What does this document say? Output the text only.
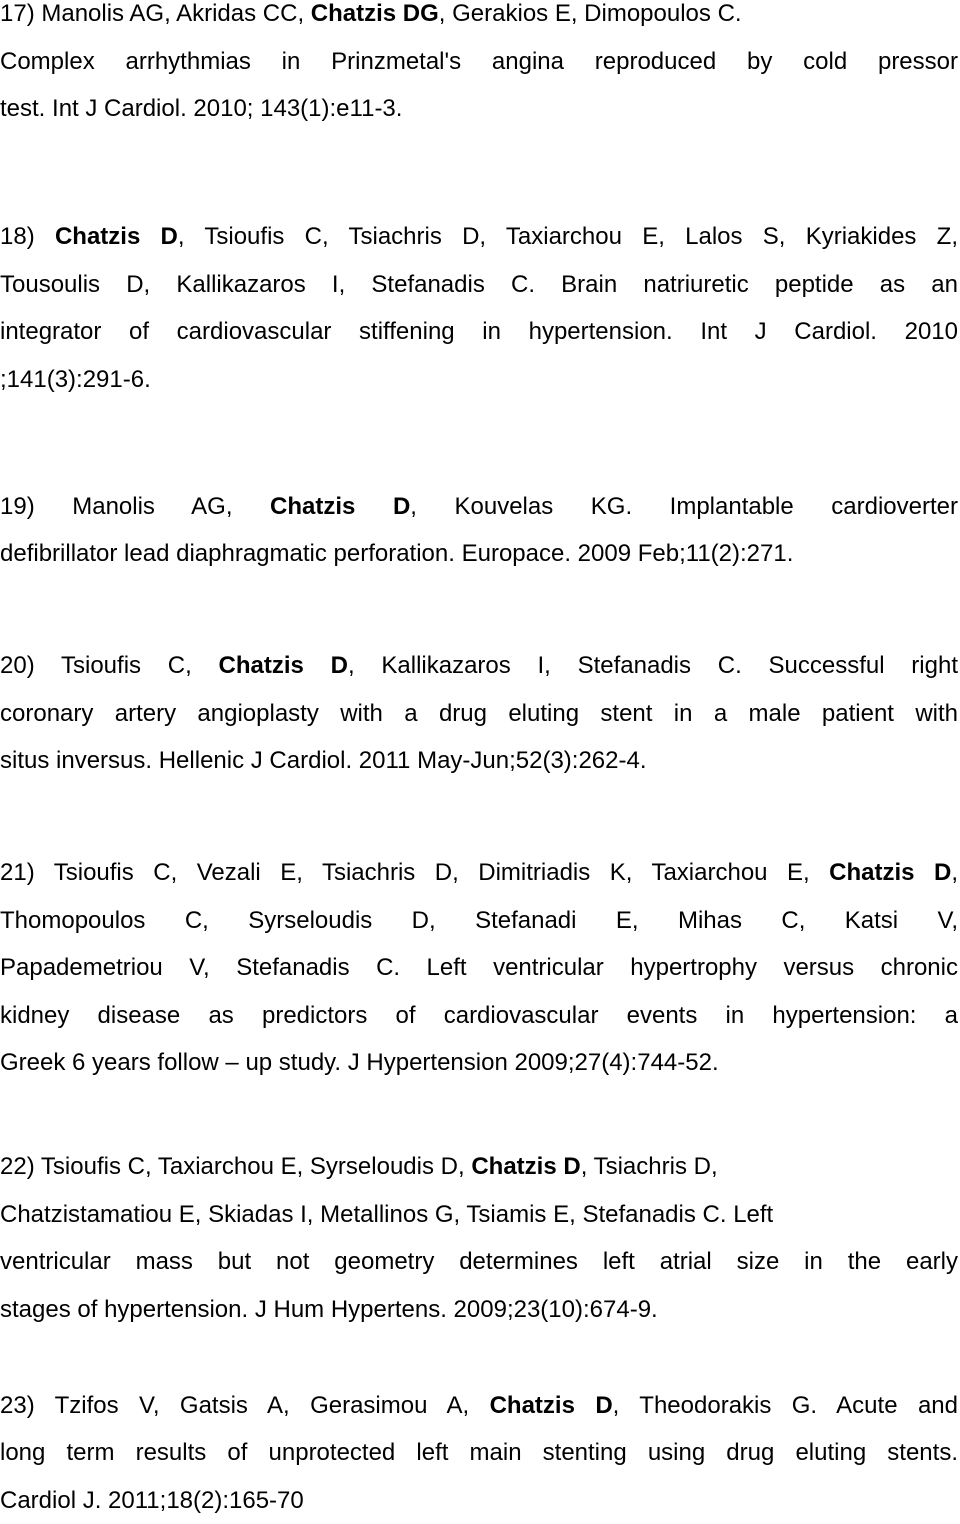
17) Manolis AG, Akridas CC, Chatzis DG, Gerakios E, Dimopoulos C.
Complex arrhythmias in Prinzmetal's angina reproduced by cold pressor
test. Int J Cardiol. 2010; 143(1):e11-3.
18) Chatzis D, Tsioufis C, Tsiachris D, Taxiarchou E, Lalos S, Kyriakides Z,
Tousoulis D, Kallikazaros I, Stefanadis C. Brain natriuretic peptide as an
integrator of cardiovascular stiffening in hypertension. Int J Cardiol. 2010
;141(3):291-6.
19) Manolis AG, Chatzis D, Kouvelas KG. Implantable cardioverter
defibrillator lead diaphragmatic perforation. Europace. 2009 Feb;11(2):271.
20) Tsioufis C, Chatzis D, Kallikazaros I, Stefanadis C. Successful right
coronary artery angioplasty with a drug eluting stent in a male patient with
situs inversus. Hellenic J Cardiol. 2011 May-Jun;52(3):262-4.
21) Tsioufis C, Vezali E, Tsiachris D, Dimitriadis K, Taxiarchou E, Chatzis D,
Thomopoulos C, Syrseloudis D, Stefanadi E, Mihas C, Katsi V,
Papademetriou V, Stefanadis C. Left ventricular hypertrophy versus chronic
kidney disease as predictors of cardiovascular events in hypertension: a
Greek 6 years follow – up study. J Hypertension 2009;27(4):744-52.
22) Tsioufis C, Taxiarchou E, Syrseloudis D, Chatzis D, Tsiachris D,
Chatzistamatiou E, Skiadas I, Metallinos G, Tsiamis E, Stefanadis C. Left
ventricular mass but not geometry determines left atrial size in the early
stages of hypertension. J Hum Hypertens. 2009;23(10):674-9.
23) Tzifos V, Gatsis A, Gerasimou A, Chatzis D, Theodorakis G. Acute and
long term results of unprotected left main stenting using drug eluting stents.
Cardiol J. 2011;18(2):165-70
